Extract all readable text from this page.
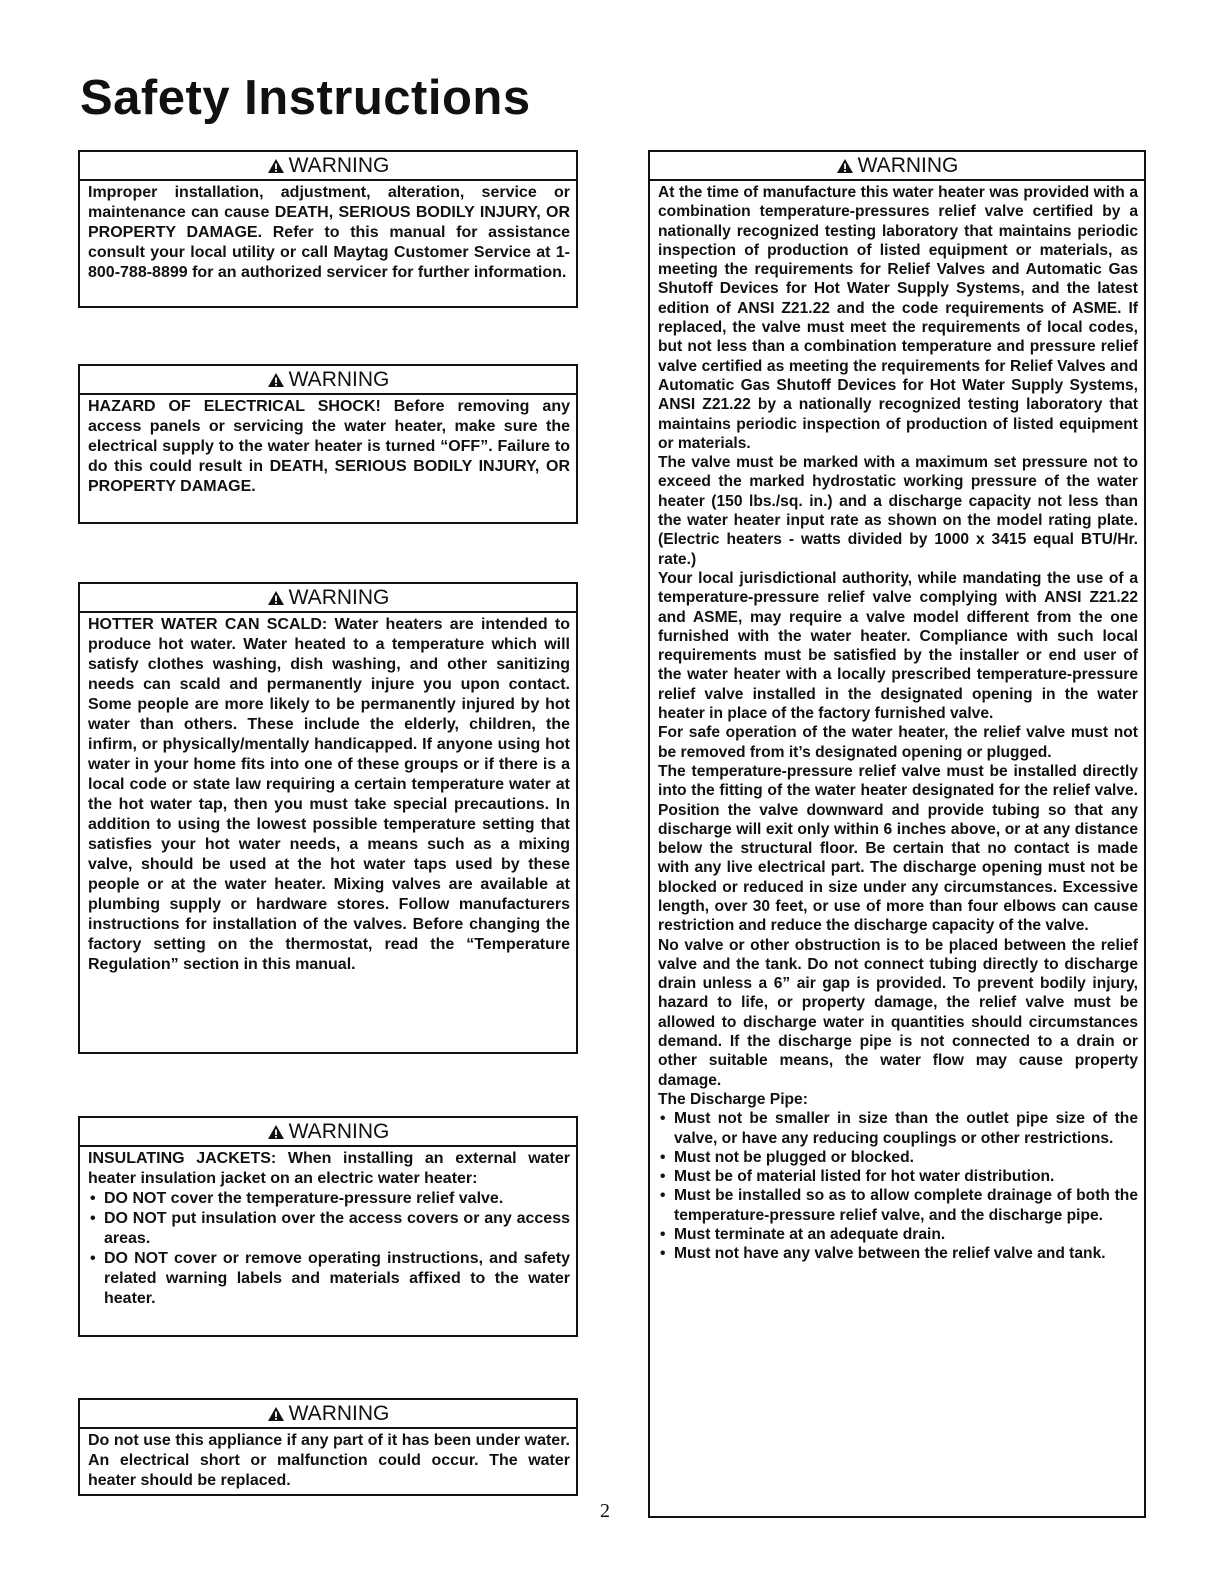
Safety Instructions
WARNING

Improper installation, adjustment, alteration, service or maintenance can cause DEATH, SERIOUS BODILY INJURY, OR PROPERTY DAMAGE. Refer to this manual for assistance consult your local utility or call Maytag Customer Service at 1-800-788-8899 for an authorized servicer for further information.

WARNING

HAZARD OF ELECTRICAL SHOCK! Before removing any access panels or servicing the water heater, make sure the electrical supply to the water heater is turned “OFF”. Failure to do this could result in DEATH, SERIOUS BODILY INJURY, OR PROPERTY DAMAGE.

WARNING

HOTTER WATER CAN SCALD: Water heaters are intended to produce hot water. Water heated to a temperature which will satisfy clothes washing, dish washing, and other sanitizing needs can scald and permanently injure you upon contact. Some people are more likely to be permanently injured by hot water than others. These include the elderly, children, the infirm, or physically/mentally handicapped. If anyone using hot water in your home fits into one of these groups or if there is a local code or state law requiring a certain temperature water at the hot water tap, then you must take special precautions. In addition to using the lowest possible temperature setting that satisfies your hot water needs, a means such as a mixing valve, should be used at the hot water taps used by these people or at the water heater. Mixing valves are available at plumbing supply or hardware stores. Follow manufacturers instructions for installation of the valves. Before changing the factory setting on the thermostat, read the “Temperature Regulation” section in this manual.

WARNING

INSULATING JACKETS: When installing an external water heater insulation jacket on an electric water heater:

• DO NOT cover the temperature-pressure relief valve.
• DO NOT put insulation over the access covers or any access areas.
• DO NOT cover or remove operating instructions, and safety related warning labels and materials affixed to the water heater.
WARNING

Do not use this appliance if any part of it has been under water. An electrical short or malfunction could occur. The water heater should be replaced.

WARNING

At the time of manufacture this water heater was provided with a combination temperature-pressures relief valve certified by a nationally recognized testing laboratory that maintains periodic inspection of production of listed equipment or materials, as meeting the requirements for Relief Valves and Automatic Gas Shutoff Devices for Hot Water Supply Systems, and the latest edition of ANSI Z21.22 and the code requirements of ASME. If replaced, the valve must meet the requirements of local codes, but not less than a combination temperature and pressure relief valve certified as meeting the requirements for Relief Valves and Automatic Gas Shutoff Devices for Hot Water Supply Systems, ANSI Z21.22 by a nationally recognized testing laboratory that maintains periodic inspection of production of listed equipment or materials.

The valve must be marked with a maximum set pressure not to exceed the marked hydrostatic working pressure of the water heater (150 lbs./sq. in.) and a discharge capacity not less than the water heater input rate as shown on the model rating plate. (Electric heaters - watts divided by 1000 x 3415 equal BTU/Hr. rate.)

Your local jurisdictional authority, while mandating the use of a temperature-pressure relief valve complying with ANSI Z21.22 and ASME, may require a valve model different from the one furnished with the water heater. Compliance with such local requirements must be satisfied by the installer or end user of the water heater with a locally prescribed temperature-pressure relief valve installed in the designated opening in the water heater in place of the factory furnished valve.

For safe operation of the water heater, the relief valve must not be removed from it’s designated opening or plugged.

The temperature-pressure relief valve must be installed directly into the fitting of the water heater designated for the relief valve. Position the valve downward and provide tubing so that any discharge will exit only within 6 inches above, or at any distance below the structural floor. Be certain that no contact is made with any live electrical part. The discharge opening must not be blocked or reduced in size under any circumstances. Excessive length, over 30 feet, or use of more than four elbows can cause restriction and reduce the discharge capacity of the valve.

No valve or other obstruction is to be placed between the relief valve and the tank. Do not connect tubing directly to discharge drain unless a 6” air gap is provided. To prevent bodily injury, hazard to life, or property damage, the relief valve must be allowed to discharge water in quantities should circumstances demand. If the discharge pipe is not connected to a drain or other suitable means, the water flow may cause property damage.

The Discharge Pipe:

• Must not be smaller in size than the outlet pipe size of the valve, or have any reducing couplings or other restrictions.
• Must not be plugged or blocked.
• Must be of material listed for hot water distribution.
• Must be installed so as to allow complete drainage of both the temperature-pressure relief valve, and the discharge pipe.
• Must terminate at an adequate drain.
• Must not have any valve between the relief valve and tank.
2
